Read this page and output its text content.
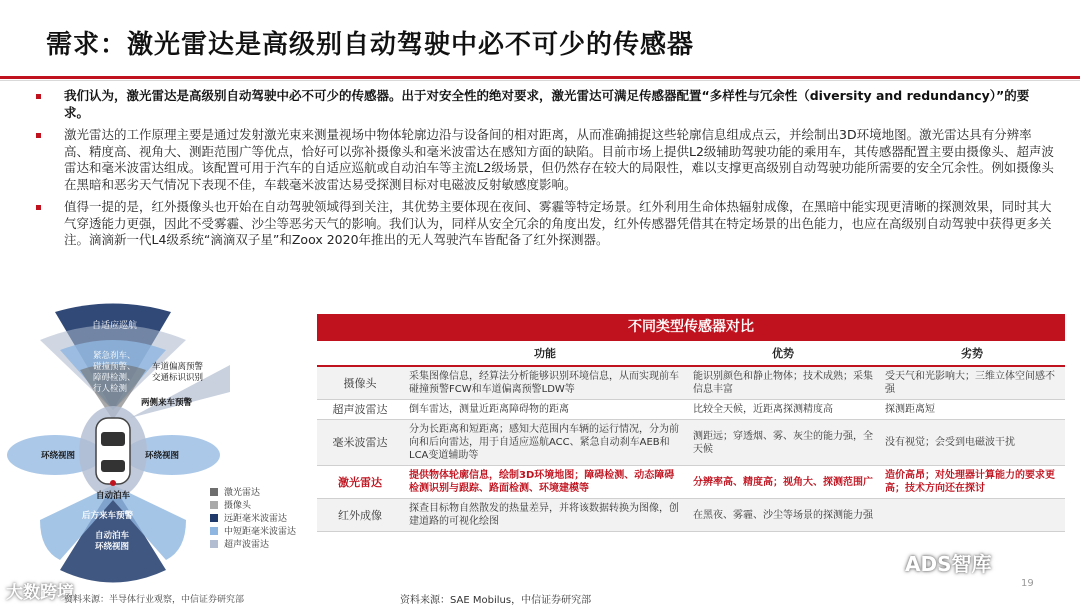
需求：激光雷达是高级别自动驾驶中必不可少的传感器
我们认为，激光雷达是高级别自动驾驶中必不可少的传感器。出于对安全性的绝对要求，激光雷达可满足传感器配置“多样性与冗余性（diversity and redundancy）”的要求。
激光雷达的工作原理主要是通过发射激光束来测量视场中物体轮廓边沿与设备间的相对距离，从而准确捕捉这些轮廓信息组成点云，并绘制出3D环境地图。激光雷达具有分辨率高、精度高、视角大、测距范围广等优点，恰好可以弥补摄像头和毫米波雷达在感知方面的缺陷。目前市场上提供L2级辅助驾驶功能的乘用车，其传感器配置主要由摄像头、超声波雷达和毫米波雷达组成。该配置可用于汽车的自适应巡航或自动泊车等主流L2级场景，但仍然存在较大的局限性，难以支撑更高级别自动驾驶功能所需要的安全冗余性。例如摄像头在黑暗和恶劣天气情况下表现不佳，车载毫米波雷达易受探测目标对电磁波反射敏感度影响。
值得一提的是，红外摄像头也开始在自动驾驶领域得到关注，其优势主要体现在夜间、雾霾等特定场景。红外利用生命体热辐射成像，在黑暗中能实现更清晰的探测效果，同时其大气穿透能力更强，因此不受雾霾、沙尘等恶劣天气的影响。我们认为，同样从安全冗余的角度出发，红外传感器凭借其在特定场景的出色能力，也应在高级别自动驾驶中获得更多关注。滴滴新一代L4级系统“滴滴双子星”和Zoox 2020年推出的无人驾驶汽车皆配备了红外探测器。
自适应巡航
紧急刹车、碰撞预警、障碍检测、行人检测
车道偏离预警交通标识识别
两侧来车预警
环绕视图	环绕视图
盲区检测
自动泊车
后方来车预警
自动泊车环绕视图
激光雷达
摄像头
远距毫米波雷达
中短距毫米波雷达
超声波雷达
大数跨境
资料来源：半导体行业观察，中信证券研究部
不同类型传感器对比
	功能	优势	劣势
摄像头	采集图像信息，经算法分析能够识别环境信息，从而实现前车碰撞预警FCW和车道偏离预警LDW等	能识别颜色和静止物体；技术成熟；采集信息丰富	受天气和光影响大；三维立体空间感不强
超声波雷达	倒车雷达，测量近距离障碍物的距离	比较全天候，近距离探测精度高	探测距离短
毫米波雷达	分为长距离和短距离；感知大范围内车辆的运行情况，分为前向和后向雷达，用于自适应巡航ACC、紧急自动刹车AEB和LCA变道辅助等	测距远；穿透烟、雾、灰尘的能力强，全天候	没有视觉；会受到电磁波干扰
激光雷达	提供物体轮廓信息，绘制3D环境地图；障碍检测、动态障碍检测识别与跟踪、路面检测、环境建模等	分辨率高、精度高；视角大、探测范围广	造价高昂；对处理器计算能力的要求更高；技术方向还在探讨
红外成像	探查目标物自然散发的热量差异，并将该数据转换为图像，创建道路的可视化绘图	在黑夜、雾霾、沙尘等场景的探测能力强	
资料来源：SAE Mobilus，中信证券研究部
ADS智库
19
